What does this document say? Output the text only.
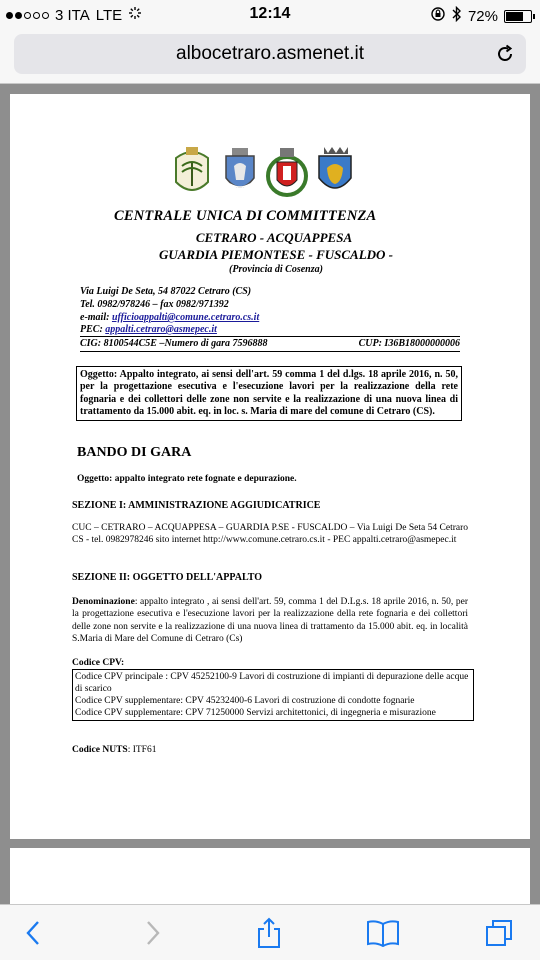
3 ITA LTE	12:14	72%
albocetraro.asmenet.it
CENTRALE UNICA DI COMMITTENZA
CETRARO - ACQUAPPESA
GUARDIA PIEMONTESE - FUSCALDO -
(Provincia di Cosenza)
Via Luigi De Seta, 54 87022 Cetraro (CS)
Tel. 0982/978246 – fax 0982/971392
e-mail: ufficioappalti@comune.cetraro.cs.it
PEC: appalti.cetraro@asmepec.it
CIG: 8100544C5E –Numero di gara 7596888	CUP: I36B18000000006
Oggetto: Appalto integrato, ai sensi dell'art. 59 comma 1 del d.lgs. 18 aprile 2016, n. 50, per la progettazione esecutiva e l'esecuzione lavori per la realizzazione della rete fognaria e dei collettori delle zone non servite e la realizzazione di una nuova linea di trattamento da 15.000 abit. eq. in loc. s. Maria di mare del comune di Cetraro (CS).
BANDO DI GARA
Oggetto: appalto integrato rete fognate e depurazione.
SEZIONE I: AMMINISTRAZIONE AGGIUDICATRICE
CUC – CETRARO – ACQUAPPESA – GUARDIA P.SE - FUSCALDO – Via Luigi De Seta 54 Cetraro CS - tel. 0982978246 sito internet http://www.comune.cetraro.cs.it - PEC appalti.cetraro@asmepec.it
SEZIONE II: OGGETTO DELL'APPALTO
Denominazione: appalto integrato , ai sensi dell'art. 59, comma 1 del D.Lg.s. 18 aprile 2016, n. 50, per la progettazione esecutiva e l'esecuzione lavori per la realizzazione della rete fognaria e dei collettori delle zone non servite e la realizzazione di una nuova linea di trattamento da 15.000 abit. eq. in località S.Maria di Mare del Comune di Cetraro (Cs)
Codice CPV:
Codice CPV principale : CPV 45252100-9 Lavori di costruzione di impianti di depurazione delle acque di scarico
Codice CPV supplementare: CPV 45232400-6 Lavori di costruzione di condotte fognarie
Codice CPV supplementare: CPV 71250000 Servizi architettonici, di ingegneria e misurazione
Codice NUTS: ITF61
